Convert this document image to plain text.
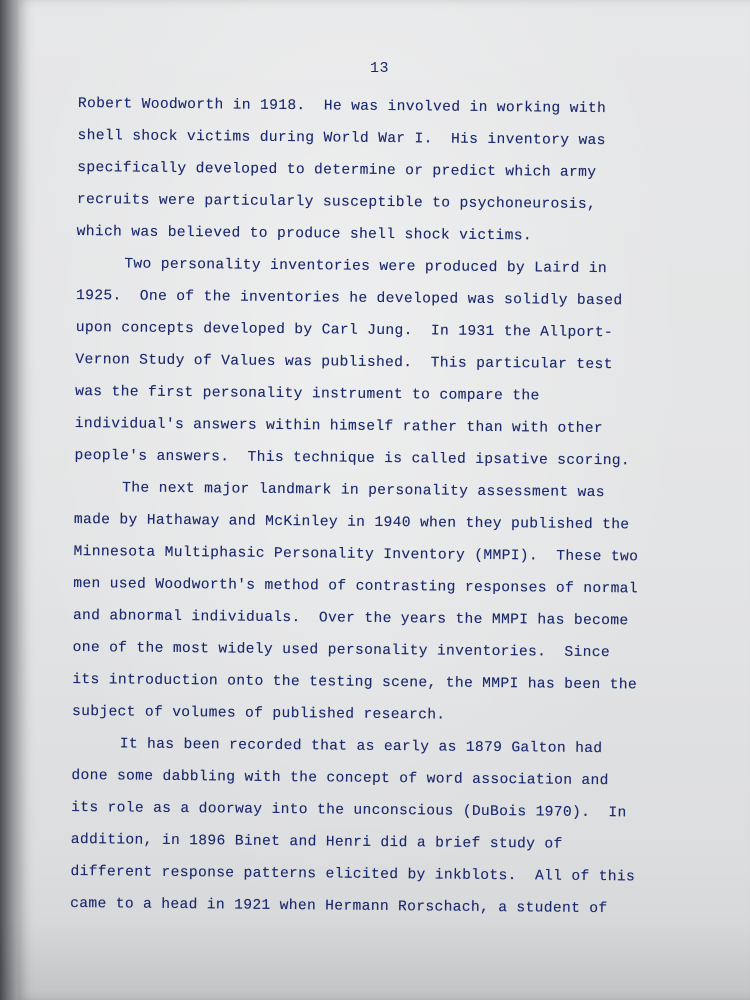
13
Robert Woodworth in 1918.  He was involved in working with
shell shock victims during World War I.  His inventory was
specifically developed to determine or predict which army
recruits were particularly susceptible to psychoneurosis,
which was believed to produce shell shock victims.
Two personality inventories were produced by Laird in
1925.  One of the inventories he developed was solidly based
upon concepts developed by Carl Jung.  In 1931 the Allport-
Vernon Study of Values was published.  This particular test
was the first personality instrument to compare the
individual's answers within himself rather than with other
people's answers.  This technique is called ipsative scoring.
The next major landmark in personality assessment was
made by Hathaway and McKinley in 1940 when they published the
Minnesota Multiphasic Personality Inventory (MMPI).  These two
men used Woodworth's method of contrasting responses of normal
and abnormal individuals.  Over the years the MMPI has become
one of the most widely used personality inventories.  Since
its introduction onto the testing scene, the MMPI has been the
subject of volumes of published research.
It has been recorded that as early as 1879 Galton had
done some dabbling with the concept of word association and
its role as a doorway into the unconscious (DuBois 1970).  In
addition, in 1896 Binet and Henri did a brief study of
different response patterns elicited by inkblots.  All of this
came to a head in 1921 when Hermann Rorschach, a student of
